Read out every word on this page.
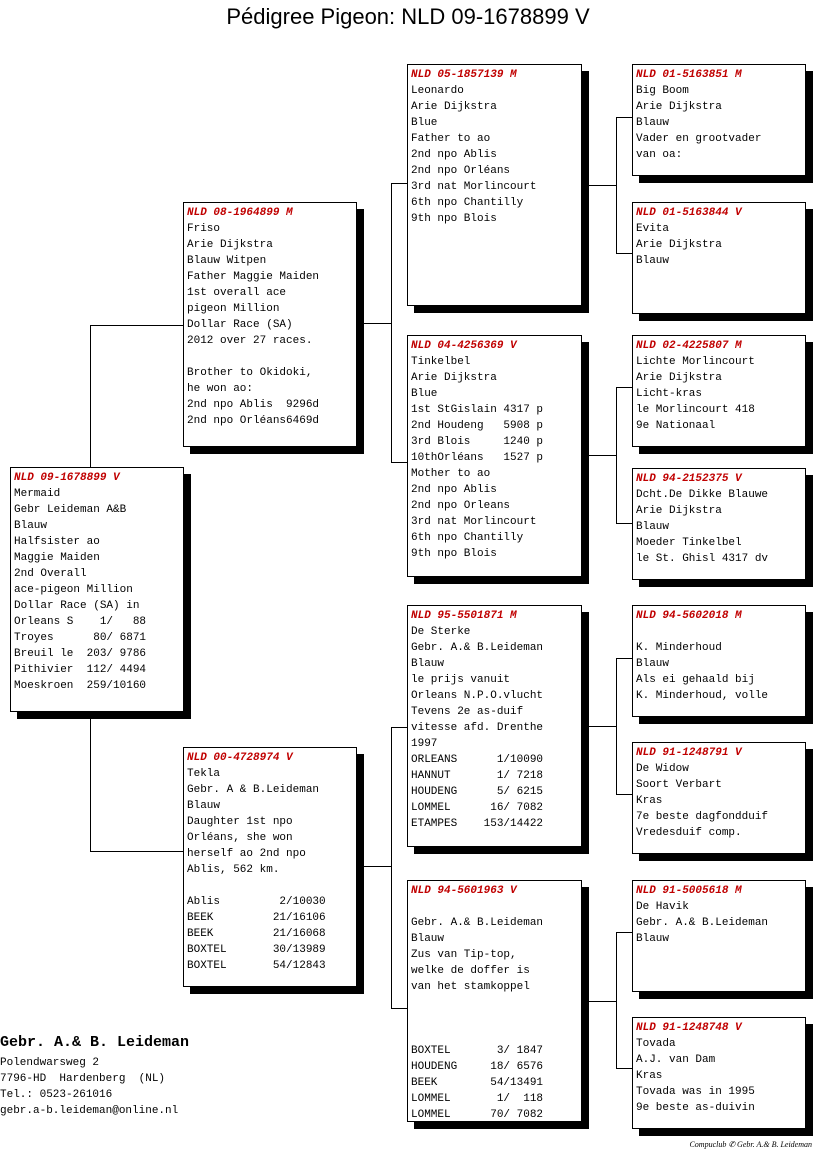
Pédigree Pigeon: NLD 09-1678899 V
NLD 09-1678899 V
Mermaid
Gebr Leideman A&B
Blauw
Halfsister ao
Maggie Maiden
2nd Overall
ace-pigeon Million
Dollar Race (SA) in
Orleans S    1/   88
Troyes      80/ 6871
Breuil le  203/ 9786
Pithivier  112/ 4494
Moeskroen  259/10160
NLD 08-1964899 M
Friso
Arie Dijkstra
Blauw Witpen
Father Maggie Maiden
1st overall ace
pigeon Million
Dollar Race (SA)
2012 over 27 races.
Brother to Okidoki,
he won ao:
2nd npo Ablis  9296d
2nd npo Orléans6469d
NLD 00-4728974 V
Tekla
Gebr. A & B.Leideman
Blauw
Daughter 1st npo
Orléans, she won
herself ao 2nd npo
Ablis, 562 km.
Ablis         2/10030
BEEK         21/16106
BEEK         21/16068
BOXTEL       30/13989
BOXTEL       54/12843
NLD 05-1857139 M
Leonardo
Arie Dijkstra
Blue
Father to ao
2nd npo Ablis
2nd npo Orléans
3rd nat Morlincourt
6th npo Chantilly
9th npo Blois
NLD 04-4256369 V
Tinkelbel
Arie Dijkstra
Blue
1st StGislain 4317 p
2nd Houdeng   5908 p
3rd Blois     1240 p
10thOrléans   1527 p
Mother to ao
2nd npo Ablis
2nd npo Orleans
3rd nat Morlincourt
6th npo Chantilly
9th npo Blois
NLD 95-5501871 M
De Sterke
Gebr. A.& B.Leideman
Blauw
le prijs vanuit
Orleans N.P.O.vlucht
Tevens 2e as-duif
vitesse afd. Drenthe
1997
ORLEANS      1/10090
HANNUT       1/ 7218
HOUDENG      5/ 6215
LOMMEL      16/ 7082
ETAMPES    153/14422
NLD 94-5601963 V
Gebr. A.& B.Leideman
Blauw
Zus van Tip-top,
welke de doffer is
van het stamkoppel
BOXTEL       3/ 1847
HOUDENG     18/ 6576
BEEK        54/13491
LOMMEL       1/  118
LOMMEL      70/ 7082
NLD 01-5163851 M
Big Boom
Arie Dijkstra
Blauw
Vader en grootvader
van oa:
NLD 01-5163844 V
Evita
Arie Dijkstra
Blauw
NLD 02-4225807 M
Lichte Morlincourt
Arie Dijkstra
Licht-kras
le Morlincourt 418
9e Nationaal
NLD 94-2152375 V
Dcht.De Dikke Blauwe
Arie Dijkstra
Blauw
Moeder Tinkelbel
le St. Ghisl 4317 dv
NLD 94-5602018 M
K. Minderhoud
Blauw
Als ei gehaald bij
K. Minderhoud, volle
NLD 91-1248791 V
De Widow
Soort Verbart
Kras
7e beste dagfondduif
Vredesduif comp.
NLD 91-5005618 M
De Havik
Gebr. A.& B.Leideman
Blauw
NLD 91-1248748 V
Tovada
A.J. van Dam
Kras
Tovada was in 1995
9e beste as-duivin
Gebr. A.& B. Leideman
Polendwarsweg 2
7796-HD  Hardenberg  (NL)
Tel.: 0523-261016
gebr.a-b.leideman@online.nl
Compuclub ✆ Gebr. A.& B. Leideman
